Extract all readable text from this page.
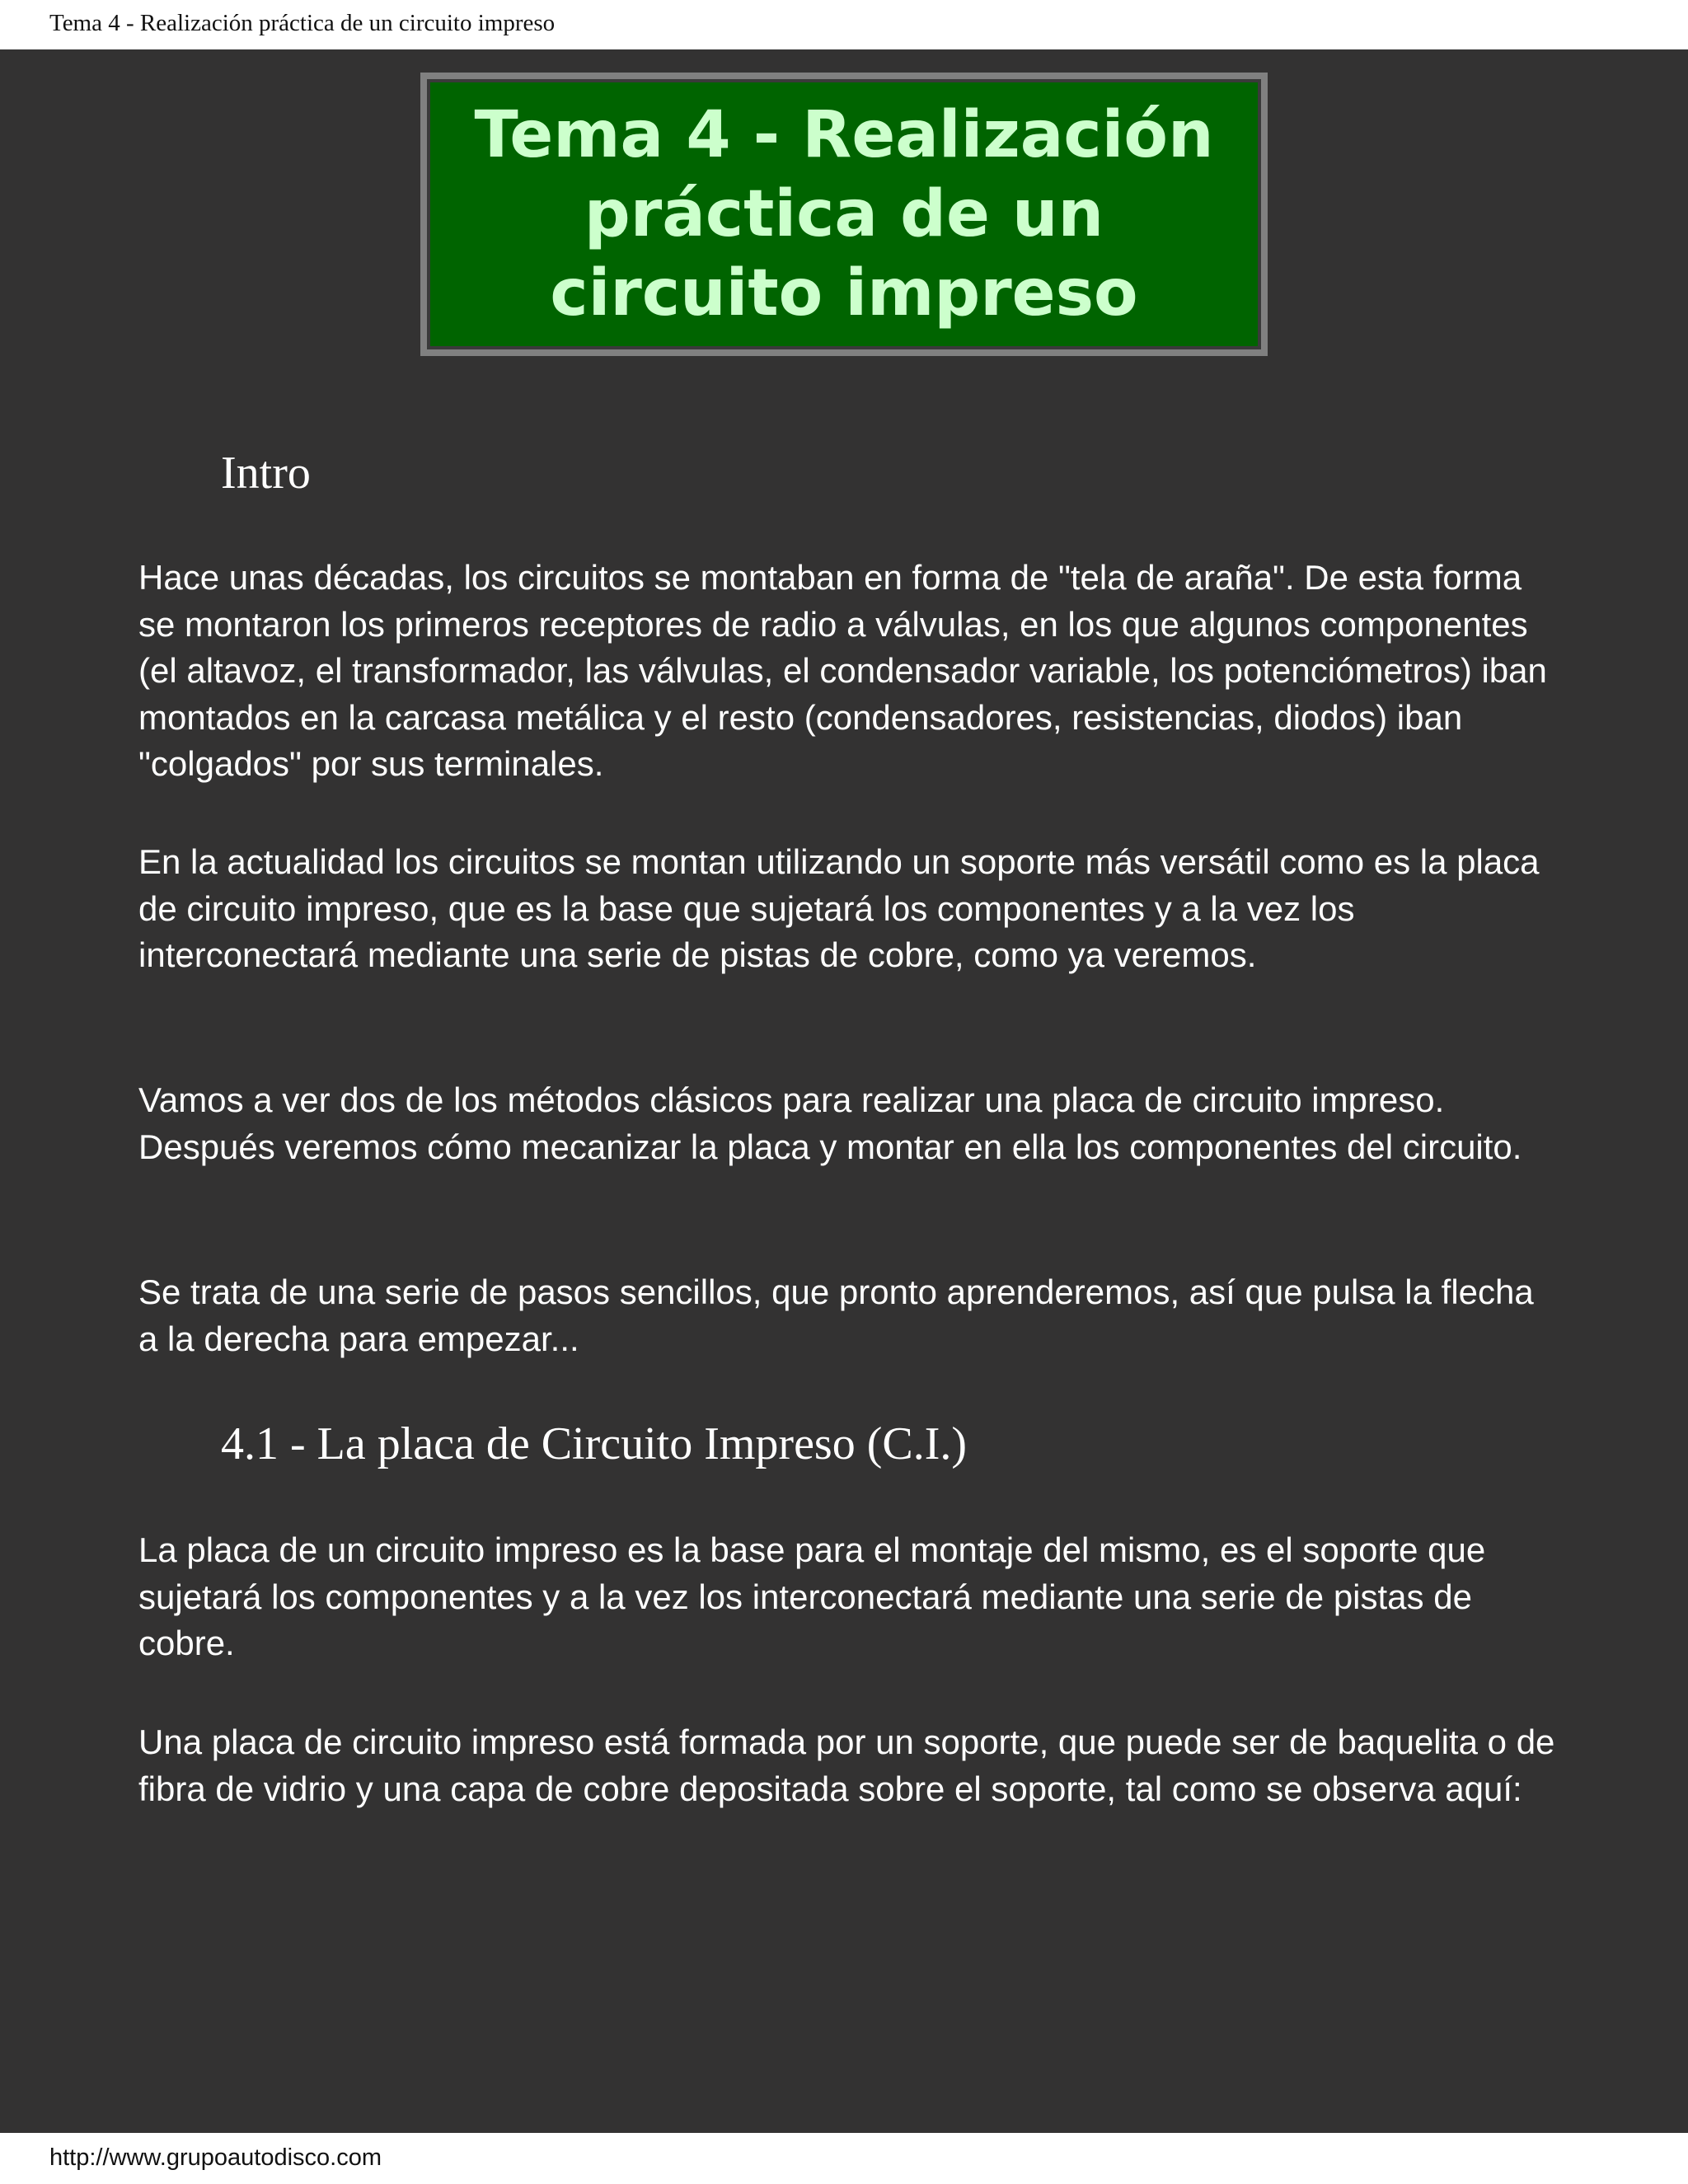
Tema 4 - Realización práctica de un circuito impreso
Tema 4 - Realización práctica de un circuito impreso
Intro

Hace unas décadas, los circuitos se montaban en forma de "tela de araña". De esta forma se montaron los primeros receptores de radio a válvulas, en los que algunos componentes (el altavoz, el transformador, las válvulas, el condensador variable, los potenciómetros) iban montados en la carcasa metálica y el resto (condensadores, resistencias, diodos) iban "colgados" por sus terminales.

En la actualidad los circuitos se montan utilizando un soporte más versátil como es la placa de circuito impreso, que es la base que sujetará los componentes y a la vez los interconectará mediante una serie de pistas de cobre, como ya veremos.

Vamos a ver dos de los métodos clásicos para realizar una placa de circuito impreso. Después veremos cómo mecanizar la placa y montar en ella los componentes del circuito.

Se trata de una serie de pasos sencillos, que pronto aprenderemos, así que pulsa la flecha a la derecha para empezar...

4.1 - La placa de Circuito Impreso (C.I.)

La placa de un circuito impreso es la base para el montaje del mismo, es el soporte que sujetará los componentes y a la vez los interconectará mediante una serie de pistas de cobre.

Una placa de circuito impreso está formada por un soporte, que puede ser de baquelita o de fibra de vidrio y una capa de cobre depositada sobre el soporte, tal como se observa aquí:

http://www.grupoautodisco.com
